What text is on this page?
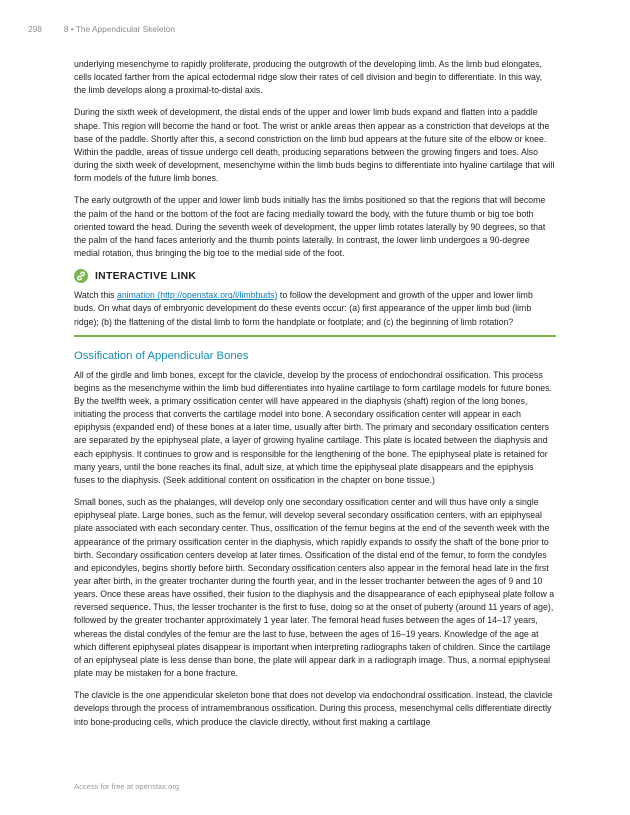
298	8 • The Appendicular Skeleton

underlying mesenchyme to rapidly proliferate, producing the outgrowth of the developing limb. As the limb bud elongates, cells located farther from the apical ectodermal ridge slow their rates of cell division and begin to differentiate. In this way, the limb develops along a proximal-to-distal axis.

During the sixth week of development, the distal ends of the upper and lower limb buds expand and flatten into a paddle shape. This region will become the hand or foot. The wrist or ankle areas then appear as a constriction that develops at the base of the paddle. Shortly after this, a second constriction on the limb bud appears at the future site of the elbow or knee. Within the paddle, areas of tissue undergo cell death, producing separations between the growing fingers and toes. Also during the sixth week of development, mesenchyme within the limb buds begins to differentiate into hyaline cartilage that will form models of the future limb bones.

The early outgrowth of the upper and lower limb buds initially has the limbs positioned so that the regions that will become the palm of the hand or the bottom of the foot are facing medially toward the body, with the future thumb or big toe both oriented toward the head. During the seventh week of development, the upper limb rotates laterally by 90 degrees, so that the palm of the hand faces anteriorly and the thumb points laterally. In contrast, the lower limb undergoes a 90-degree medial rotation, thus bringing the big toe to the medial side of the foot.

INTERACTIVE LINK

Watch this animation (http://openstax.org/l/limbbuds) to follow the development and growth of the upper and lower limb buds. On what days of embryonic development do these events occur: (a) first appearance of the upper limb bud (limb ridge); (b) the flattening of the distal limb to form the handplate or footplate; and (c) the beginning of limb rotation?

Ossification of Appendicular Bones

All of the girdle and limb bones, except for the clavicle, develop by the process of endochondral ossification. This process begins as the mesenchyme within the limb bud differentiates into hyaline cartilage to form cartilage models for future bones. By the twelfth week, a primary ossification center will have appeared in the diaphysis (shaft) region of the long bones, initiating the process that converts the cartilage model into bone. A secondary ossification center will appear in each epiphysis (expanded end) of these bones at a later time, usually after birth. The primary and secondary ossification centers are separated by the epiphyseal plate, a layer of growing hyaline cartilage. This plate is located between the diaphysis and each epiphysis. It continues to grow and is responsible for the lengthening of the bone. The epiphyseal plate is retained for many years, until the bone reaches its final, adult size, at which time the epiphyseal plate disappears and the epiphysis fuses to the diaphysis. (Seek additional content on ossification in the chapter on bone tissue.)

Small bones, such as the phalanges, will develop only one secondary ossification center and will thus have only a single epiphyseal plate. Large bones, such as the femur, will develop several secondary ossification centers, with an epiphyseal plate associated with each secondary center. Thus, ossification of the femur begins at the end of the seventh week with the appearance of the primary ossification center in the diaphysis, which rapidly expands to ossify the shaft of the bone prior to birth. Secondary ossification centers develop at later times. Ossification of the distal end of the femur, to form the condyles and epicondyles, begins shortly before birth. Secondary ossification centers also appear in the femoral head late in the first year after birth, in the greater trochanter during the fourth year, and in the lesser trochanter between the ages of 9 and 10 years. Once these areas have ossified, their fusion to the diaphysis and the disappearance of each epiphyseal plate follow a reversed sequence. Thus, the lesser trochanter is the first to fuse, doing so at the onset of puberty (around 11 years of age), followed by the greater trochanter approximately 1 year later. The femoral head fuses between the ages of 14–17 years, whereas the distal condyles of the femur are the last to fuse, between the ages of 16–19 years. Knowledge of the age at which different epiphyseal plates disappear is important when interpreting radiographs taken of children. Since the cartilage of an epiphyseal plate is less dense than bone, the plate will appear dark in a radiograph image. Thus, a normal epiphyseal plate may be mistaken for a bone fracture.

The clavicle is the one appendicular skeleton bone that does not develop via endochondral ossification. Instead, the clavicle develops through the process of intramembranous ossification. During this process, mesenchymal cells differentiate directly into bone-producing cells, which produce the clavicle directly, without first making a cartilage

Access for free at openstax.org
